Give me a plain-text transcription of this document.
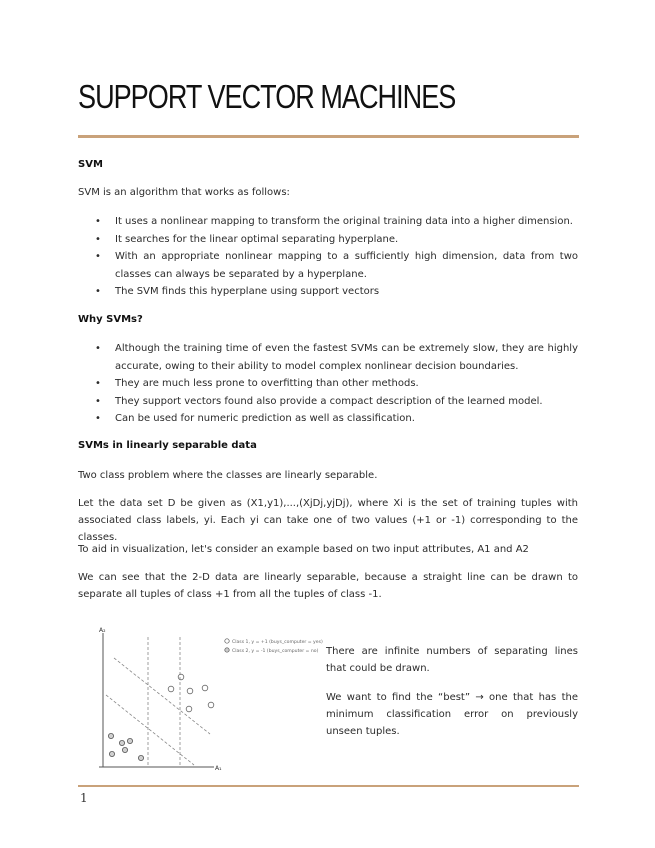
SUPPORT VECTOR MACHINES

SVM

SVM is an algorithm that works as follows:

• It uses a nonlinear mapping to transform the original training data into a higher dimension.
• It searches for the linear optimal separating hyperplane.
• With an appropriate nonlinear mapping to a sufficiently high dimension, data from two classes can always be separated by a hyperplane.
• The SVM finds this hyperplane using support vectors

Why SVMs?

• Although the training time of even the fastest SVMs can be extremely slow, they are highly accurate, owing to their ability to model complex nonlinear decision boundaries.
• They are much less prone to overfitting than other methods.
• They support vectors found also provide a compact description of the learned model.
• Can be used for numeric prediction as well as classification.

SVMs in linearly separable data

Two class problem where the classes are linearly separable.

Let the data set D be given as (X1,y1),...,(XjDj,yjDj), where Xi is the set of training tuples with associated class labels, yi. Each yi can take one of two values (+1 or -1) corresponding to the classes.

To aid in visualization, let's consider an example based on two input attributes, A1 and A2

We can see that the 2-D data are linearly separable, because a straight line can be drawn to separate all tuples of class +1 from all the tuples of class -1.

A₂
A₁
Class 1, y = +1 (buys_computer = yes)
Class 2, y = -1 (buys_computer = no) There are infinite numbers of separating lines that could be drawn.

We want to find the “best” → one that has the minimum classification error on previously unseen tuples.

1
